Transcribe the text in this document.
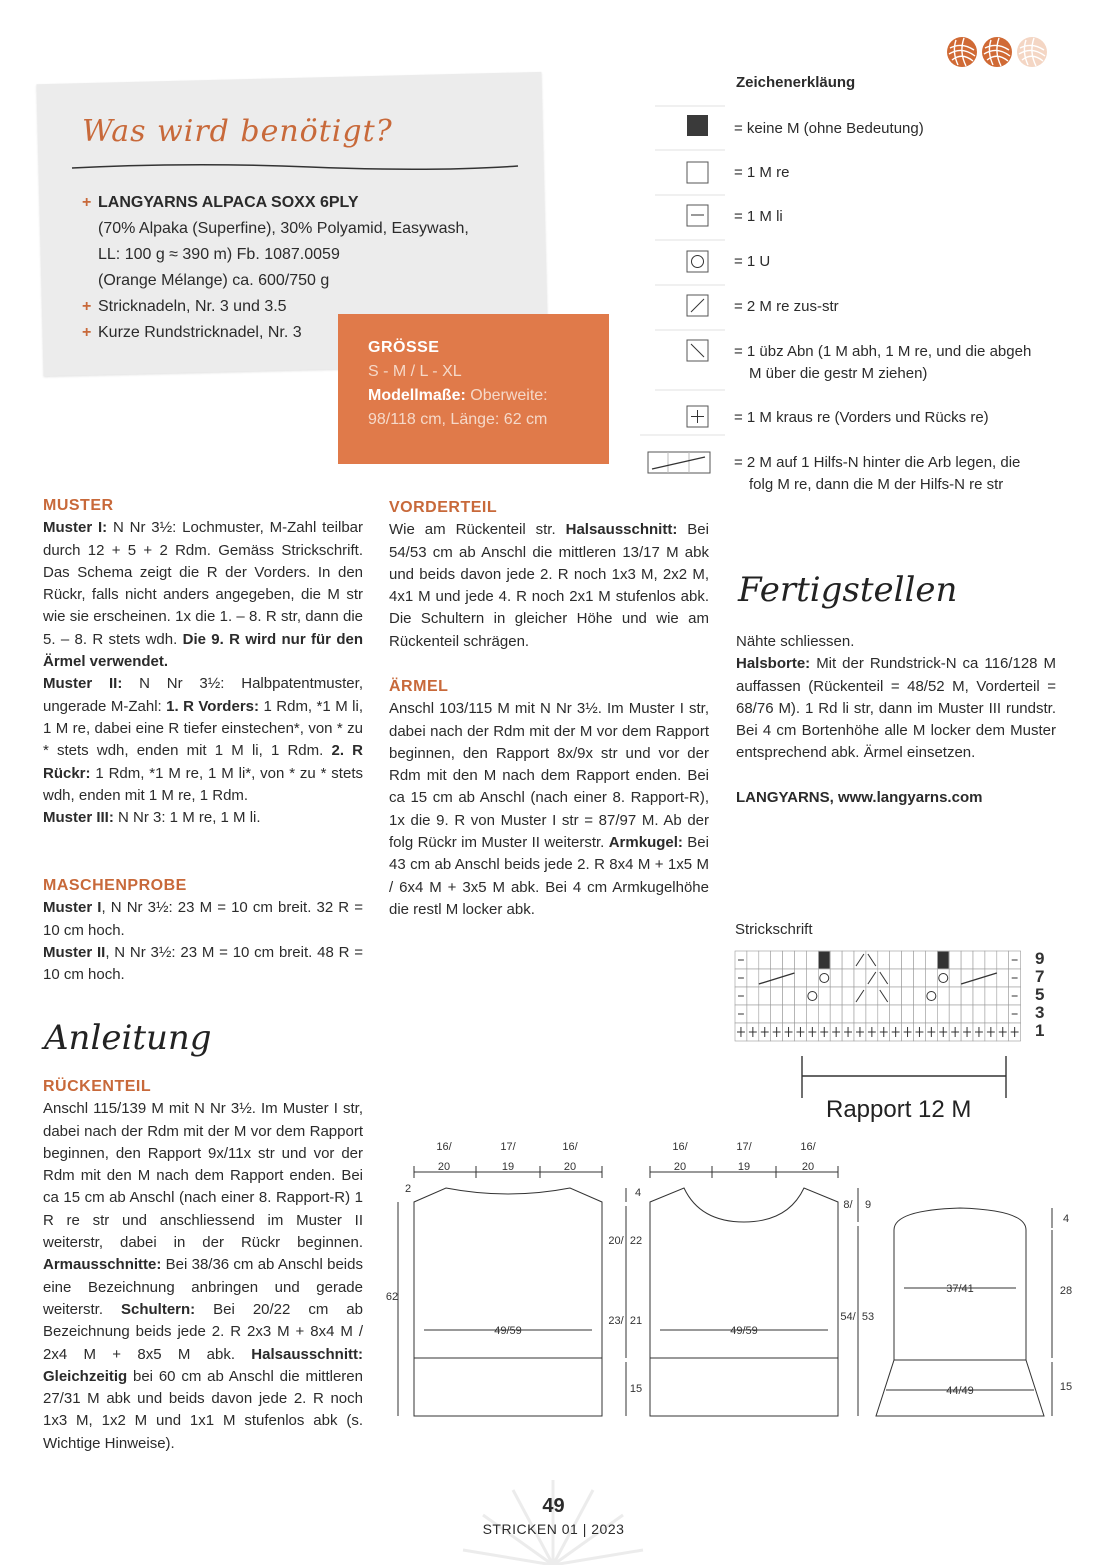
Was wird benötigt?
+ LANGYARNS ALPACA SOXX 6PLY
(70% Alpaka (Superfine), 30% Polyamid, Easywash,
LL: 100 g ≈ 390 m) Fb. 1087.0059
(Orange Mélange) ca. 600/750 g
+ Stricknadeln, Nr. 3 und 3.5
+ Kurze Rundstricknadel, Nr. 3
GRÖSSE
S - M / L - XL
Modellmaße: Oberweite:
98/118 cm, Länge: 62 cm
Zeichenerkläung
= keine M (ohne Bedeutung)
= 1 M re
= 1 M li
= 1 U
= 2 M re zus-str
= 1 übz Abn (1 M abh, 1 M re, und die abgeh
M über die gestr M ziehen)
= 1 M kraus re (Vorders und Rücks re)
= 2 M auf 1 Hilfs-N hinter die Arb legen, die
folg M re, dann die M der Hilfs-N re str
MUSTER
Muster I: N Nr 3½: Lochmuster, M-Zahl teilbar durch 12 + 5 + 2 Rdm. Gemäss Strickschrift. Das Schema zeigt die R der Vorders. In den Rückr, falls nicht anders angegeben, die M str wie sie erscheinen. 1x die 1. – 8. R str, dann die 5. – 8. R stets wdh. Die 9. R wird nur für den Ärmel verwendet.
Muster II: N Nr 3½: Halbpatentmuster, ungerade M-Zahl: 1. R Vorders: 1 Rdm, *1 M li, 1 M re, dabei eine R tiefer einstechen*, von * zu * stets wdh, enden mit 1 M li, 1 Rdm. 2. R Rückr: 1 Rdm, *1 M re, 1 M li*, von * zu * stets wdh, enden mit 1 M re, 1 Rdm.
Muster III: N Nr 3: 1 M re, 1 M li.
MASCHENPROBE
Muster I, N Nr 3½: 23 M = 10 cm breit. 32 R = 10 cm hoch.
Muster II, N Nr 3½: 23 M = 10 cm breit. 48 R = 10 cm hoch.
Anleitung
RÜCKENTEIL
Anschl 115/139 M mit N Nr 3½. Im Muster I str, dabei nach der Rdm mit der M vor dem Rapport beginnen, den Rapport 9x/11x str und vor der Rdm mit den M nach dem Rapport enden. Bei ca 15 cm ab Anschl (nach einer 8. Rapport-R) 1 R re str und anschliessend im Muster II weiterstr, dabei in der Rückr beginnen. Armausschnitte: Bei 38/36 cm ab Anschl beids eine Bezeichnung anbringen und gerade weiterstr. Schultern: Bei 20/22 cm ab Bezeichnung beids jede 2. R 2x3 M + 8x4 M / 2x4 M + 8x5 M abk. Halsausschnitt: Gleichzeitig bei 60 cm ab Anschl die mittleren 27/31 M abk und beids davon jede 2. R noch 1x3 M, 1x2 M und 1x1 M stufenlos abk (s. Wichtige Hinweise).
VORDERTEIL
Wie am Rückenteil str. Halsausschnitt: Bei 54/53 cm ab Anschl die mittleren 13/17 M abk und beids davon jede 2. R noch 1x3 M, 2x2 M, 4x1 M und jede 4. R noch 2x1 M stufenlos abk. Die Schultern in gleicher Höhe und wie am Rückenteil schrägen.
ÄRMEL
Anschl 103/115 M mit N Nr 3½. Im Muster I str, dabei nach der Rdm mit der M vor dem Rapport beginnen, den Rapport 8x/9x str und vor der Rdm mit den M nach dem Rapport enden. Bei ca 15 cm ab Anschl (nach einer 8. Rapport-R), 1x die 9. R von Muster I str = 87/97 M. Ab der folg Rückr im Muster II weiterstr. Armkugel: Bei 43 cm ab Anschl beids jede 2. R 8x4 M + 1x5 M / 6x4 M + 3x5 M abk. Bei 4 cm Armkugelhöhe die restl M locker abk.
Fertigstellen
Nähte schliessen.
Halsborte: Mit der Rundstrick-N ca 116/128 M auffassen (Rückenteil = 48/52 M, Vorderteil = 68/76 M). 1 Rd li str, dann im Muster III rundstr. Bei 4 cm Bortenhöhe alle M locker dem Muster entsprechend abk. Ärmel einsetzen.
LANGYARNS, www.langyarns.com
Strickschrift
9
7
5
3
1
Rapport 12 M
16/	17/	16/
20	19	20
2
62
49/59
16/	17/	16/
20	19	20
4
20/ 22
23/ 21
15
8/ 9
54/ 53
49/59
37/41
44/49
4
28
15
49
STRICKEN 01 | 2023
